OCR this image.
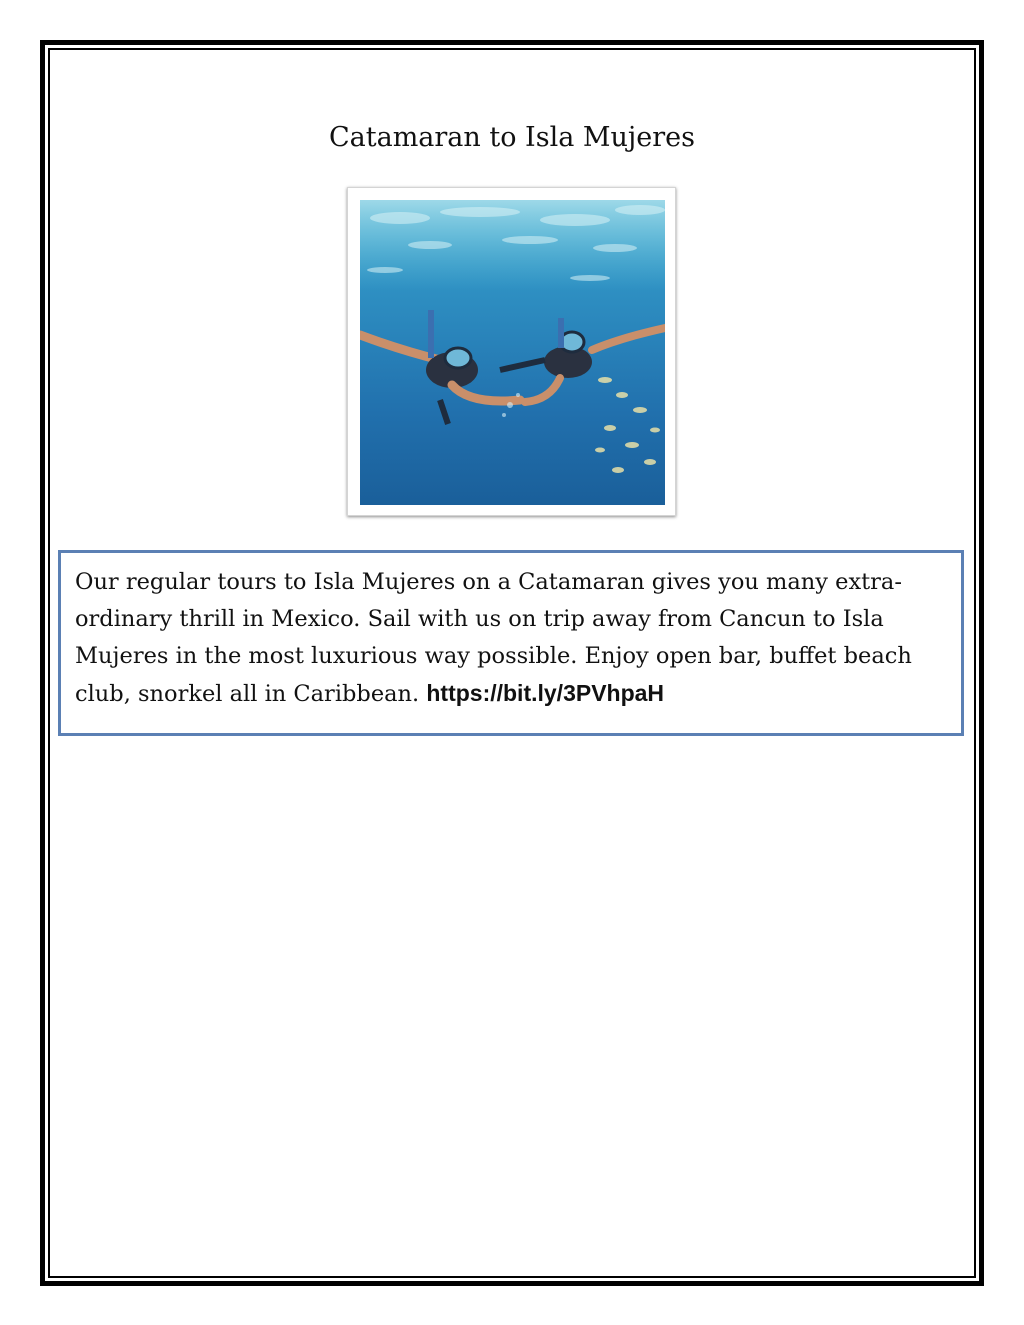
Catamaran to Isla Mujeres

Our regular tours to Isla Mujeres on a Catamaran gives you many extra-ordinary thrill in Mexico. Sail with us on trip away from Cancun to Isla Mujeres in the most luxurious way possible. Enjoy open bar, buffet beach club, snorkel all in Caribbean. https://bit.ly/3PVhpaH
